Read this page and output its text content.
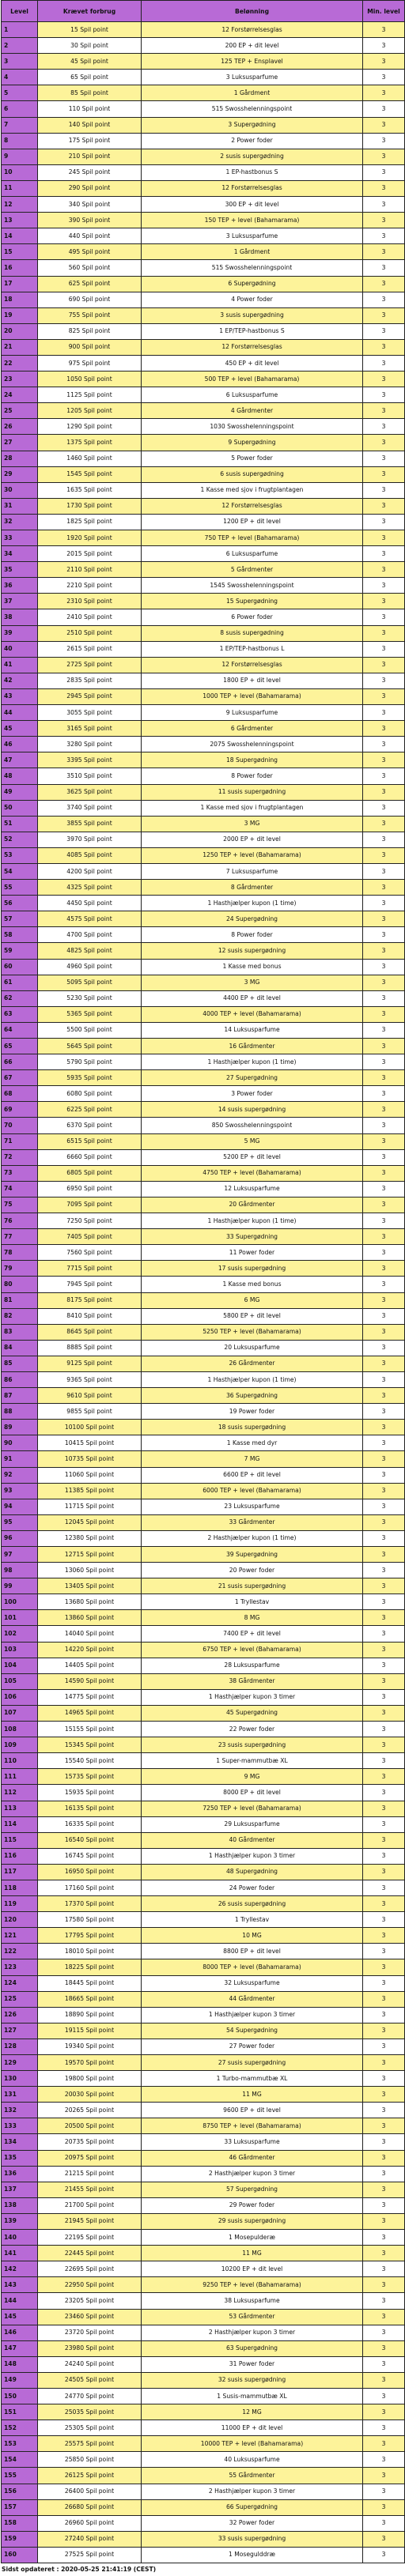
Level	Krævet forbrug	Belønning	Min. level
1	15 Spil point	12 Forstørrelsesglas	3
2	30 Spil point	200 EP + dit level	3
3	45 Spil point	125 TEP + Ensplavel	3
4	65 Spil point	3 Luksusparfume	3
5	85 Spil point	1 Gårdment	3
6	110 Spil point	515 Swosshelenningspoint	3
7	140 Spil point	3 Supergødning	3
8	175 Spil point	2 Power foder	3
9	210 Spil point	2 susis supergødning	3
10	245 Spil point	1 EP-hastbonus S	3
11	290 Spil point	12 Forstørrelsesglas	3
12	340 Spil point	300 EP + dit level	3
13	390 Spil point	150 TEP + level (Bahamarama)	3
14	440 Spil point	3 Luksusparfume	3
15	495 Spil point	1 Gårdment	3
16	560 Spil point	515 Swosshelenningspoint	3
17	625 Spil point	6 Supergødning	3
18	690 Spil point	4 Power foder	3
19	755 Spil point	3 susis supergødning	3
20	825 Spil point	1 EP/TEP-hastbonus S	3
21	900 Spil point	12 Forstørrelsesglas	3
22	975 Spil point	450 EP + dit level	3
23	1050 Spil point	500 TEP + level (Bahamarama)	3
24	1125 Spil point	6 Luksusparfume	3
25	1205 Spil point	4 Gårdmenter	3
26	1290 Spil point	1030 Swosshelenningspoint	3
27	1375 Spil point	9 Supergødning	3
28	1460 Spil point	5 Power foder	3
29	1545 Spil point	6 susis supergødning	3
30	1635 Spil point	1 Kasse med sjov i frugtplantagen	3
31	1730 Spil point	12 Forstørrelsesglas	3
32	1825 Spil point	1200 EP + dit level	3
33	1920 Spil point	750 TEP + level (Bahamarama)	3
34	2015 Spil point	6 Luksusparfume	3
35	2110 Spil point	5 Gårdmenter	3
36	2210 Spil point	1545 Swosshelenningspoint	3
37	2310 Spil point	15 Supergødning	3
38	2410 Spil point	6 Power foder	3
39	2510 Spil point	8 susis supergødning	3
40	2615 Spil point	1 EP/TEP-hastbonus L	3
41	2725 Spil point	12 Forstørrelsesglas	3
42	2835 Spil point	1800 EP + dit level	3
43	2945 Spil point	1000 TEP + level (Bahamarama)	3
44	3055 Spil point	9 Luksusparfume	3
45	3165 Spil point	6 Gårdmenter	3
46	3280 Spil point	2075 Swosshelenningspoint	3
47	3395 Spil point	18 Supergødning	3
48	3510 Spil point	8 Power foder	3
49	3625 Spil point	11 susis supergødning	3
50	3740 Spil point	1 Kasse med sjov i frugtplantagen	3
51	3855 Spil point	3 MG	3
52	3970 Spil point	2000 EP + dit level	3
53	4085 Spil point	1250 TEP + level (Bahamarama)	3
54	4200 Spil point	7 Luksusparfume	3
55	4325 Spil point	8 Gårdmenter	3
56	4450 Spil point	1 Hasthjælper kupon (1 time)	3
57	4575 Spil point	24 Supergødning	3
58	4700 Spil point	8 Power foder	3
59	4825 Spil point	12 susis supergødning	3
60	4960 Spil point	1 Kasse med bonus	3
61	5095 Spil point	3 MG	3
62	5230 Spil point	4400 EP + dit level	3
63	5365 Spil point	4000 TEP + level (Bahamarama)	3
64	5500 Spil point	14 Luksusparfume	3
65	5645 Spil point	16 Gårdmenter	3
66	5790 Spil point	1 Hasthjælper kupon (1 time)	3
67	5935 Spil point	27 Supergødning	3
68	6080 Spil point	3 Power foder	3
69	6225 Spil point	14 susis supergødning	3
70	6370 Spil point	850 Swosshelenningspoint	3
71	6515 Spil point	5 MG	3
72	6660 Spil point	5200 EP + dit level	3
73	6805 Spil point	4750 TEP + level (Bahamarama)	3
74	6950 Spil point	12 Luksusparfume	3
75	7095 Spil point	20 Gårdmenter	3
76	7250 Spil point	1 Hasthjælper kupon (1 time)	3
77	7405 Spil point	33 Supergødning	3
78	7560 Spil point	11 Power foder	3
79	7715 Spil point	17 susis supergødning	3
80	7945 Spil point	1 Kasse med bonus	3
81	8175 Spil point	6 MG	3
82	8410 Spil point	5800 EP + dit level	3
83	8645 Spil point	5250 TEP + level (Bahamarama)	3
84	8885 Spil point	20 Luksusparfume	3
85	9125 Spil point	26 Gårdmenter	3
86	9365 Spil point	1 Hasthjælper kupon (1 time)	3
87	9610 Spil point	36 Supergødning	3
88	9855 Spil point	19 Power foder	3
89	10100 Spil point	18 susis supergødning	3
90	10415 Spil point	1 Kasse med dyr	3
91	10735 Spil point	7 MG	3
92	11060 Spil point	6600 EP + dit level	3
93	11385 Spil point	6000 TEP + level (Bahamarama)	3
94	11715 Spil point	23 Luksusparfume	3
95	12045 Spil point	33 Gårdmenter	3
96	12380 Spil point	2 Hasthjælper kupon (1 time)	3
97	12715 Spil point	39 Supergødning	3
98	13060 Spil point	20 Power foder	3
99	13405 Spil point	21 susis supergødning	3
100	13680 Spil point	1 Tryllestav	3
101	13860 Spil point	8 MG	3
102	14040 Spil point	7400 EP + dit level	3
103	14220 Spil point	6750 TEP + level (Bahamarama)	3
104	14405 Spil point	28 Luksusparfume	3
105	14590 Spil point	38 Gårdmenter	3
106	14775 Spil point	1 Hasthjælper kupon 3 timer	3
107	14965 Spil point	45 Supergødning	3
108	15155 Spil point	22 Power foder	3
109	15345 Spil point	23 susis supergødning	3
110	15540 Spil point	1 Super-mammutbæ XL	3
111	15735 Spil point	9 MG	3
112	15935 Spil point	8000 EP + dit level	3
113	16135 Spil point	7250 TEP + level (Bahamarama)	3
114	16335 Spil point	29 Luksusparfume	3
115	16540 Spil point	40 Gårdmenter	3
116	16745 Spil point	1 Hasthjælper kupon 3 timer	3
117	16950 Spil point	48 Supergødning	3
118	17160 Spil point	24 Power foder	3
119	17370 Spil point	26 susis supergødning	3
120	17580 Spil point	1 Tryllestav	3
121	17795 Spil point	10 MG	3
122	18010 Spil point	8800 EP + dit level	3
123	18225 Spil point	8000 TEP + level (Bahamarama)	3
124	18445 Spil point	32 Luksusparfume	3
125	18665 Spil point	44 Gårdmenter	3
126	18890 Spil point	1 Hasthjælper kupon 3 timer	3
127	19115 Spil point	54 Supergødning	3
128	19340 Spil point	27 Power foder	3
129	19570 Spil point	27 susis supergødning	3
130	19800 Spil point	1 Turbo-mammutbæ XL	3
131	20030 Spil point	11 MG	3
132	20265 Spil point	9600 EP + dit level	3
133	20500 Spil point	8750 TEP + level (Bahamarama)	3
134	20735 Spil point	33 Luksusparfume	3
135	20975 Spil point	46 Gårdmenter	3
136	21215 Spil point	2 Hasthjælper kupon 3 timer	3
137	21455 Spil point	57 Supergødning	3
138	21700 Spil point	29 Power foder	3
139	21945 Spil point	29 susis supergødning	3
140	22195 Spil point	1 Mosepulderæ	3
141	22445 Spil point	11 MG	3
142	22695 Spil point	10200 EP + dit level	3
143	22950 Spil point	9250 TEP + level (Bahamarama)	3
144	23205 Spil point	38 Luksusparfume	3
145	23460 Spil point	53 Gårdmenter	3
146	23720 Spil point	2 Hasthjælper kupon 3 timer	3
147	23980 Spil point	63 Supergødning	3
148	24240 Spil point	31 Power foder	3
149	24505 Spil point	32 susis supergødning	3
150	24770 Spil point	1 Susis-mammutbæ XL	3
151	25035 Spil point	12 MG	3
152	25305 Spil point	11000 EP + dit level	3
153	25575 Spil point	10000 TEP + level (Bahamarama)	3
154	25850 Spil point	40 Luksusparfume	3
155	26125 Spil point	55 Gårdmenter	3
156	26400 Spil point	2 Hasthjælper kupon 3 timer	3
157	26680 Spil point	66 Supergødning	3
158	26960 Spil point	32 Power foder	3
159	27240 Spil point	33 susis supergødning	3
160	27525 Spil point	1 Mosegulddræ	3
Sidst opdateret : 2020-05-25 21:41:19 (CEST)
